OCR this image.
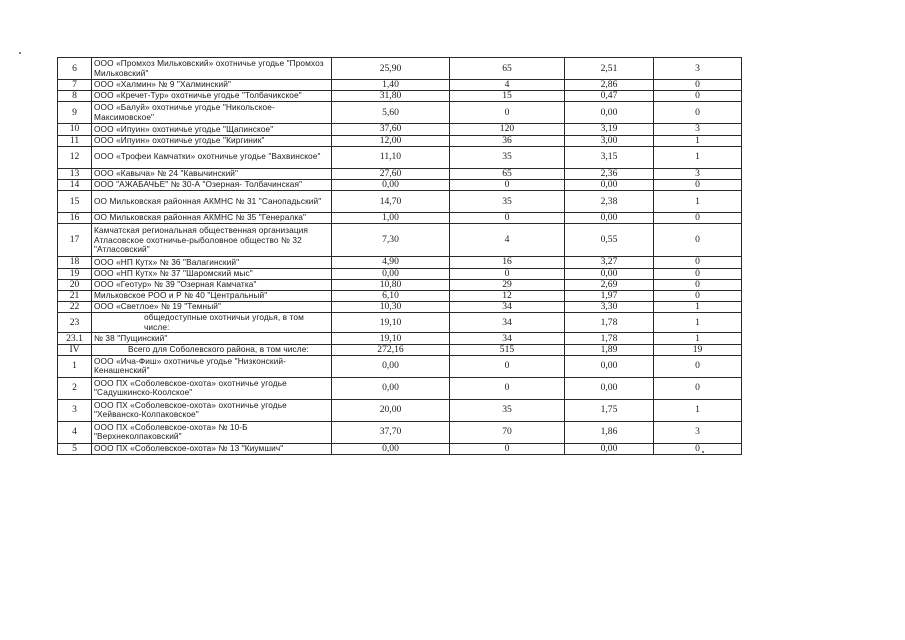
6	ООО «Промхоз Мильковский» охотничье угодье "Промхоз Мильковский"	25,90	65	2,51	3
7	ООО «Халмин» № 9 "Халминский"	1,40	4	2,86	0
8	ООО «Кречет-Тур» охотничье угодье "Толбачикское"	31,80	15	0,47	0
9	ООО «Балуй» охотничье угодье "Никольское-Максимовское"	5,60	0	0,00	0
10	ООО «Ипуин» охотничье угодье "Щапинское"	37,60	120	3,19	3
11	ООО «Ипуин» охотничье угодье "Киргиник"	12,00	36	3,00	1
12	ООО «Трофеи Камчатки» охотничье угодье "Вахвинское"	11,10	35	3,15	1
13	ООО «Кавыча» № 24 "Кавычинский"	27,60	65	2,36	3
14	ООО "АЖАБАЧЬЕ" № 30-А "Озерная- Толбачинская"	0,00	0	0,00	0
15	ОО Мильковская районная АКМНС № 31 "Санопадьский"	14,70	35	2,38	1
16	ОО Мильковская районная АКМНС № 35 "Генералка"	1,00	0	0,00	0
17	Камчатская региональная общественная организация Атласовское охотничье-рыболовное общество № 32 "Атласовский"	7,30	4	0,55	0
18	ООО «НП Кутх» № 36 "Валагинский"	4,90	16	3,27	0
19	ООО «НП Кутх» № 37 "Шаромский мыс"	0,00	0	0,00	0
20	ООО «Геотур» № 39 "Озерная Камчатка"	10,80	29	2,69	0
21	Мильковское РОО и Р № 40 "Центральный"	6,10	12	1,97	0
22	ООО «Светлое» № 19 "Темный"	10,30	34	3,30	1
23	общедоступные охотничьи угодья, в том числе:	19,10	34	1,78	1
23.1	№ 38 "Пущинский"	19,10	34	1,78	1
IV	Всего для Соболевского района, в том числе:	272,16	515	1,89	19
1	ООО «Ича-Фиш» охотничье угодье "Низконский-Кенашенский"	0,00	0	0,00	0
2	ООО ПХ «Соболевское-охота» охотничье угодье "Садушкинско-Коолское"	0,00	0	0,00	0
3	ООО ПХ «Соболевское-охота» охотничье угодье "Хейванско-Колпаковское"	20,00	35	1,75	1
4	ООО ПХ «Соболевское-охота» № 10-Б "Верхнеколпаковский"	37,70	70	1,86	3
5	ООО ПХ «Соболевское-охота» № 13 "Киумшич"	0,00	0	0,00	0
